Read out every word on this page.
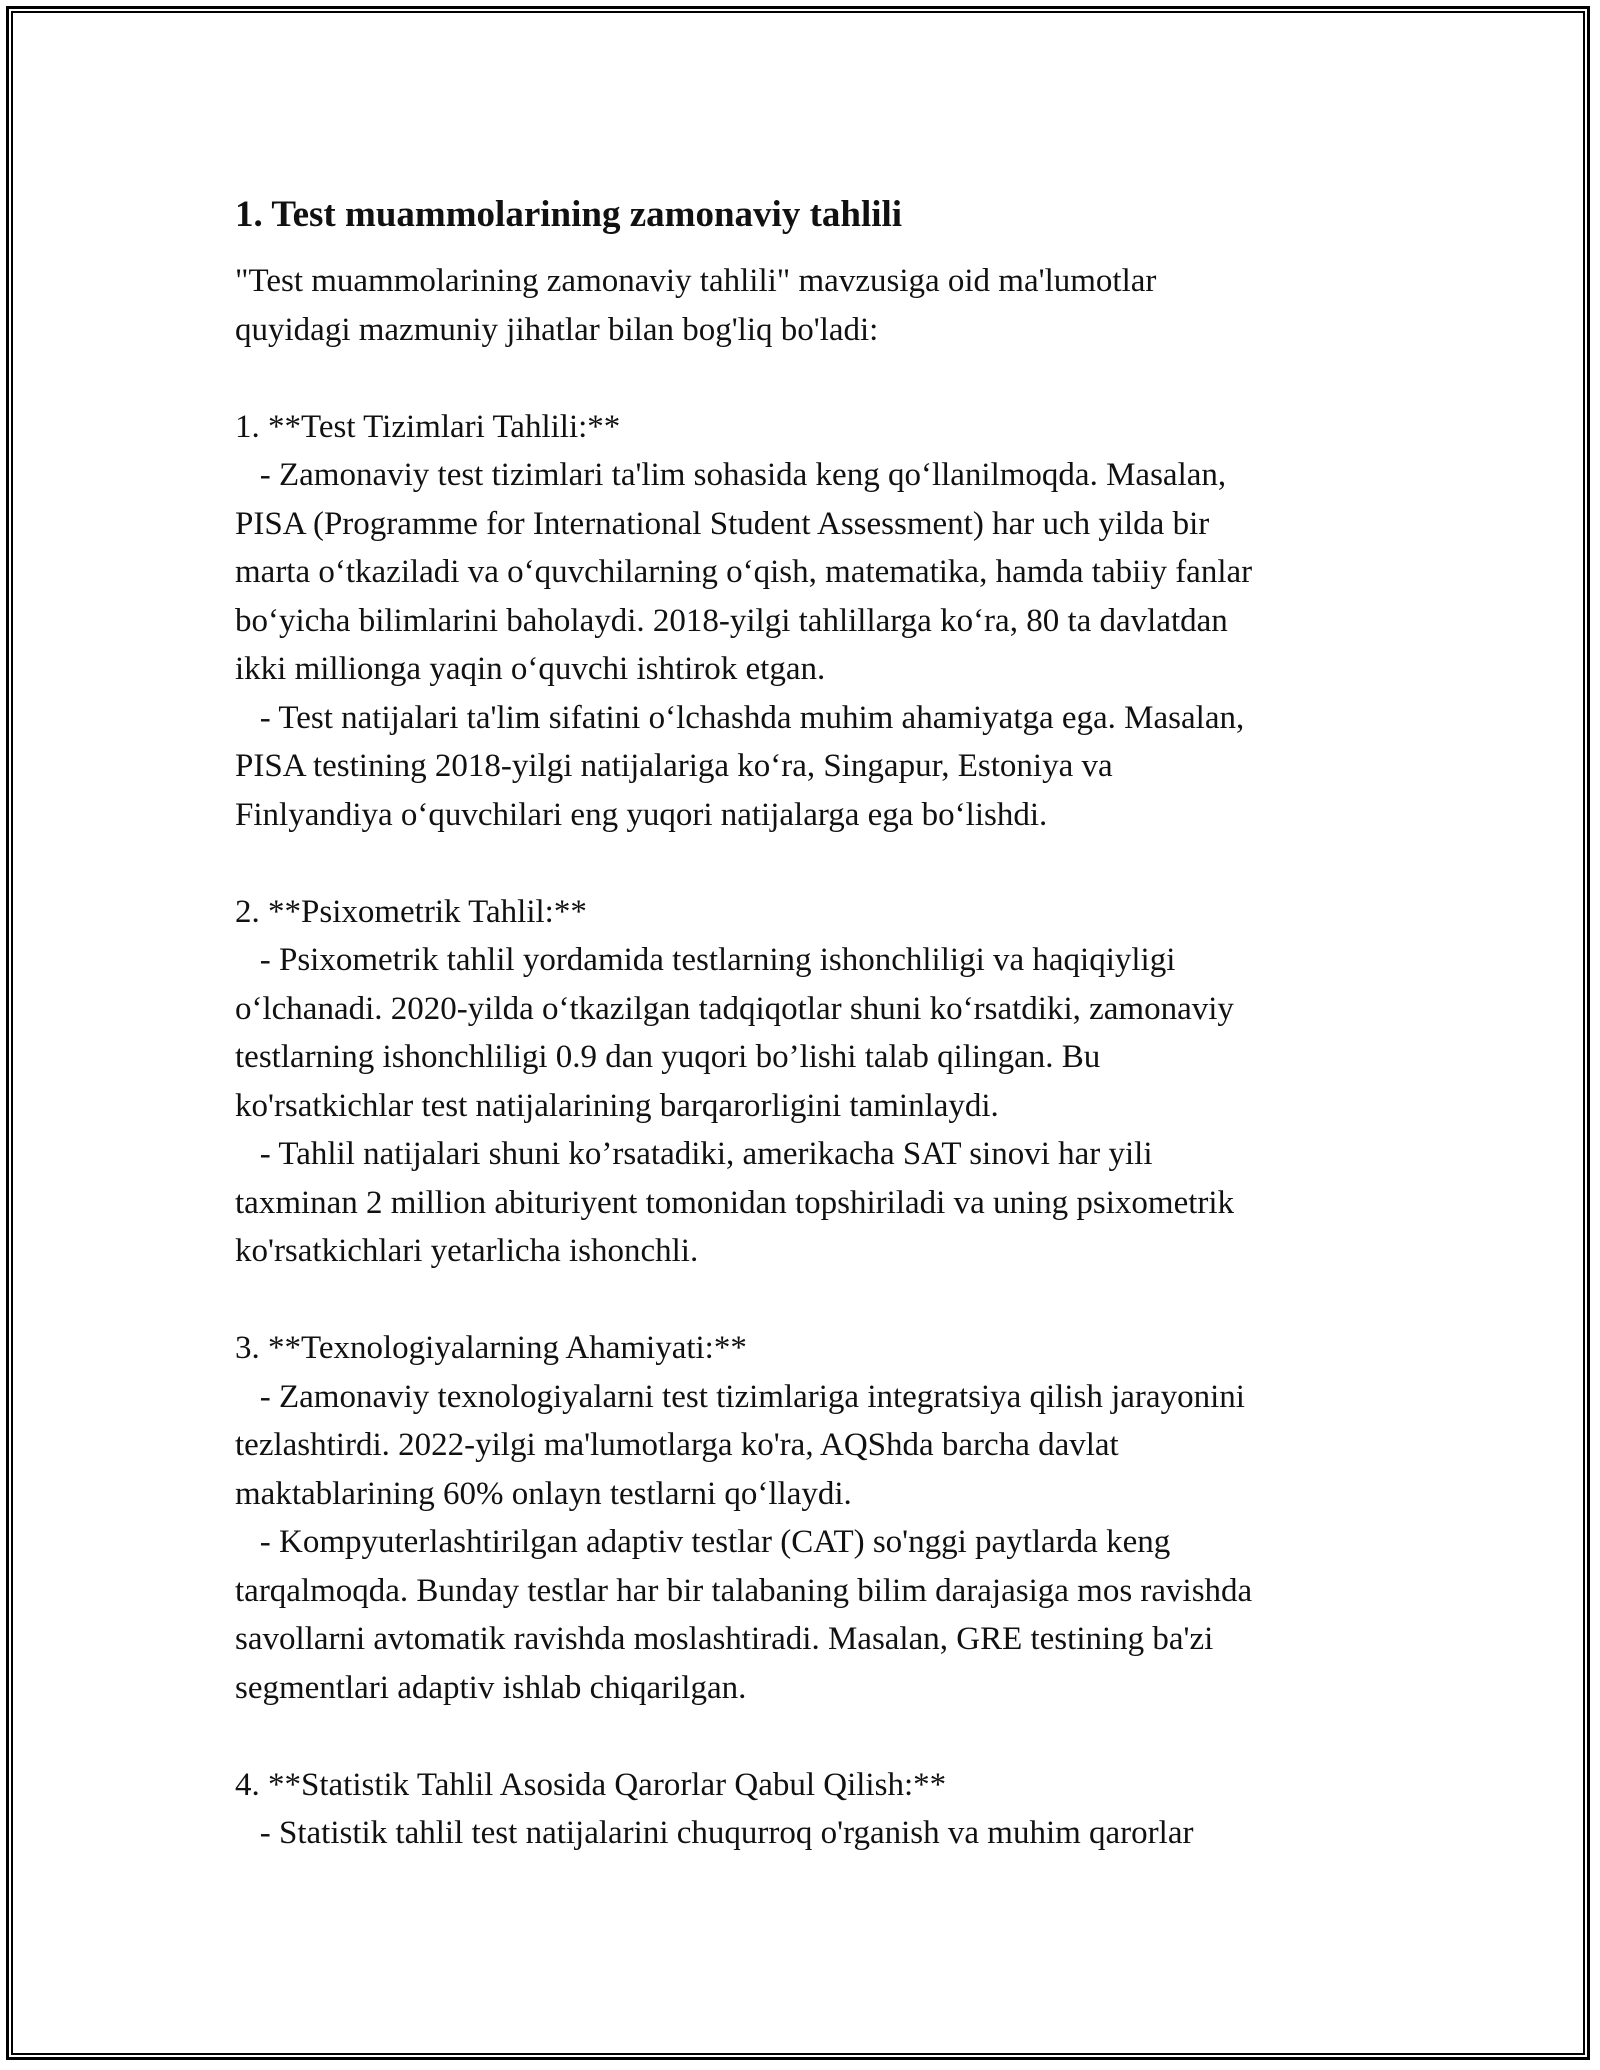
1. Test muammolarining zamonaviy tahlili
"Test muammolarining zamonaviy tahlili" mavzusiga oid ma'lumotlar
quyidagi mazmuniy jihatlar bilan bog'liq bo'ladi:
1. **Test Tizimlari Tahlili:**
- Zamonaviy test tizimlari ta'lim sohasida keng qo‘llanilmoqda. Masalan,
PISA (Programme for International Student Assessment) har uch yilda bir
marta o‘tkaziladi va o‘quvchilarning o‘qish, matematika, hamda tabiiy fanlar
bo‘yicha bilimlarini baholaydi. 2018-yilgi tahlillarga ko‘ra, 80 ta davlatdan
ikki millionga yaqin o‘quvchi ishtirok etgan.
- Test natijalari ta'lim sifatini o‘lchashda muhim ahamiyatga ega. Masalan,
PISA testining 2018-yilgi natijalariga ko‘ra, Singapur, Estoniya va
Finlyandiya o‘quvchilari eng yuqori natijalarga ega bo‘lishdi.
2. **Psixometrik Tahlil:**
- Psixometrik tahlil yordamida testlarning ishonchliligi va haqiqiyligi
o‘lchanadi. 2020-yilda o‘tkazilgan tadqiqotlar shuni ko‘rsatdiki, zamonaviy
testlarning ishonchliligi 0.9 dan yuqori bo’lishi talab qilingan. Bu
ko'rsatkichlar test natijalarining barqarorligini taminlaydi.
- Tahlil natijalari shuni ko’rsatadiki, amerikacha SAT sinovi har yili
taxminan 2 million abituriyent tomonidan topshiriladi va uning psixometrik
ko'rsatkichlari yetarlicha ishonchli.
3. **Texnologiyalarning Ahamiyati:**
- Zamonaviy texnologiyalarni test tizimlariga integratsiya qilish jarayonini
tezlashtirdi. 2022-yilgi ma'lumotlarga ko'ra, AQShda barcha davlat
maktablarining 60% onlayn testlarni qo‘llaydi.
- Kompyuterlashtirilgan adaptiv testlar (CAT) so'nggi paytlarda keng
tarqalmoqda. Bunday testlar har bir talabaning bilim darajasiga mos ravishda
savollarni avtomatik ravishda moslashtiradi. Masalan, GRE testining ba'zi
segmentlari adaptiv ishlab chiqarilgan.
4. **Statistik Tahlil Asosida Qarorlar Qabul Qilish:**
- Statistik tahlil test natijalarini chuqurroq o'rganish va muhim qarorlar
